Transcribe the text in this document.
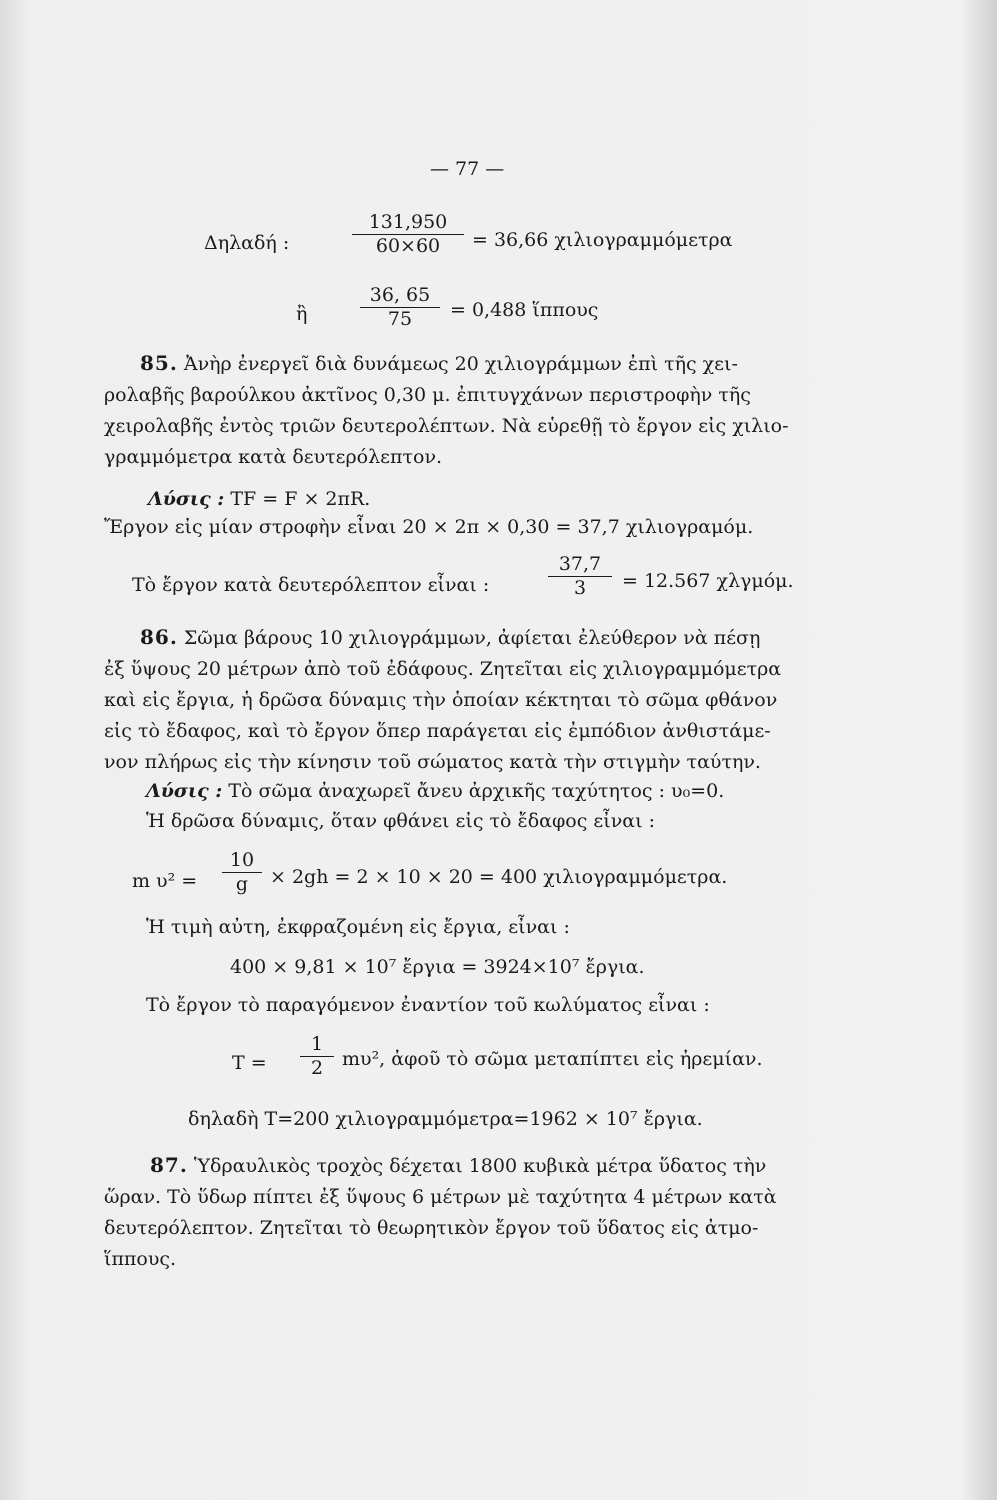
— 77 —
Δηλαδή :
131,950
60×60	= 36,66 χιλιογραμμόμετρα
ἢ
36, 65
75	= 0,488 ἵππους
85. Ἀνὴρ ἐνεργεῖ διὰ δυνάμεως 20 χιλιογράμμων ἐπὶ τῆς χει-
ρολαβῆς βαρούλκου ἀκτῖνος 0,30 μ. ἐπιτυγχάνων περιστροφὴν τῆς
χειρολαβῆς ἐντὸς τριῶν δευτερολέπτων. Νὰ εὑρεθῇ τὸ ἔργον εἰς χιλιο-
γραμμόμετρα κατὰ δευτερόλεπτον.
Λύσις : TF = F × 2πR.
Ἔργον εἰς μίαν στροφὴν εἶναι 20 × 2π × 0,30 = 37,7 χιλιογραμόμ.
Τὸ ἔργον κατὰ δευτερόλεπτον εἶναι :
37,7
3	= 12.567 χλγμόμ.
86. Σῶμα βάρους 10 χιλιογράμμων, ἀφίεται ἐλεύθερον νὰ πέσῃ
ἐξ ὕψους 20 μέτρων ἀπὸ τοῦ ἐδάφους. Ζητεῖται εἰς χιλιογραμμόμετρα
καὶ εἰς ἔργια, ἡ δρῶσα δύναμις τὴν ὁποίαν κέκτηται τὸ σῶμα φθάνον
εἰς τὸ ἔδαφος, καὶ τὸ ἔργον ὅπερ παράγεται εἰς ἐμπόδιον ἀνθιστάμε-
νον πλήρως εἰς τὴν κίνησιν τοῦ σώματος κατὰ τὴν στιγμὴν ταύτην.
Λύσις : Τὸ σῶμα ἀναχωρεῖ ἄνευ ἀρχικῆς ταχύτητος : υ₀=0.
Ἡ δρῶσα δύναμις, ὅταν φθάνει εἰς τὸ ἔδαφος εἶναι :
m υ² =
10
g	× 2gh = 2 × 10 × 20 = 400 χιλιογραμμόμετρα.
Ἡ τιμὴ αὐτη, ἐκφραζομένη εἰς ἔργια, εἶναι :
400 × 9,81 × 10⁷ ἔργια = 3924×10⁷ ἔργια.
Τὸ ἔργον τὸ παραγόμενον ἐναντίον τοῦ κωλύματος εἶναι :
T =
1
2 mυ², ἀφοῦ τὸ σῶμα μεταπίπτει εἰς ἠρεμίαν.
δηλαδὴ T=200 χιλιογραμμόμετρα=1962 × 10⁷ ἔργια.
87. Ὑδραυλικὸς τροχὸς δέχεται 1800 κυβικὰ μέτρα ὕδατος τὴν
ὥραν. Τὸ ὕδωρ πίπτει ἐξ ὕψους 6 μέτρων μὲ ταχύτητα 4 μέτρων κατὰ
δευτερόλεπτον. Ζητεῖται τὸ θεωρητικὸν ἔργον τοῦ ὕδατος εἰς ἀτμο-
ἵππους.
